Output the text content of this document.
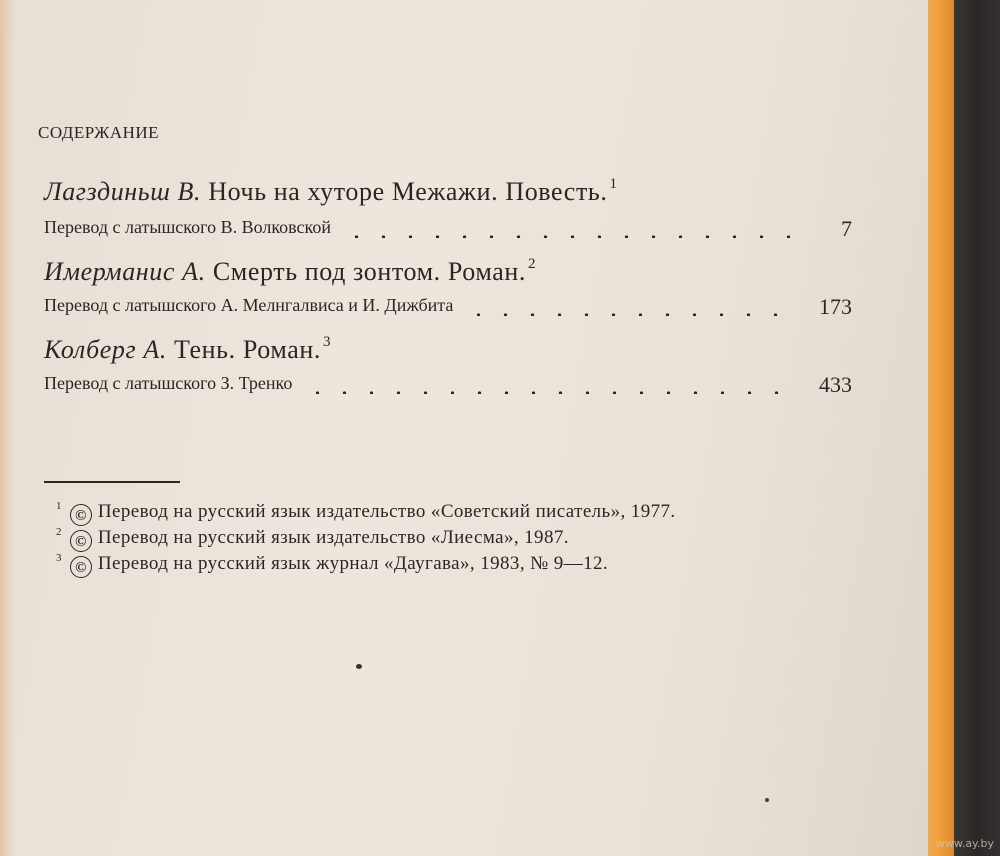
содержание
Лагздиньш В. Ночь на хуторе Межажи. Повесть. $^1$
Перевод с латышского В. Волковской	7
Имерманис А. Смерть под зонтом. Роман. $^2$
Перевод с латышского А. Мелнгалвиса и И. Дижбита	173
Колберг А. Тень. Роман. $^3$
Перевод с латышского З. Тренко	433
$^1$© Перевод на русский язык издательство «Советский писатель», 1977.
$^2$© Перевод на русский язык издательство «Лиесма», 1987.
$^3$© Перевод на русский язык журнал «Даугава», 1983, № 9—12.
www.ay.by
